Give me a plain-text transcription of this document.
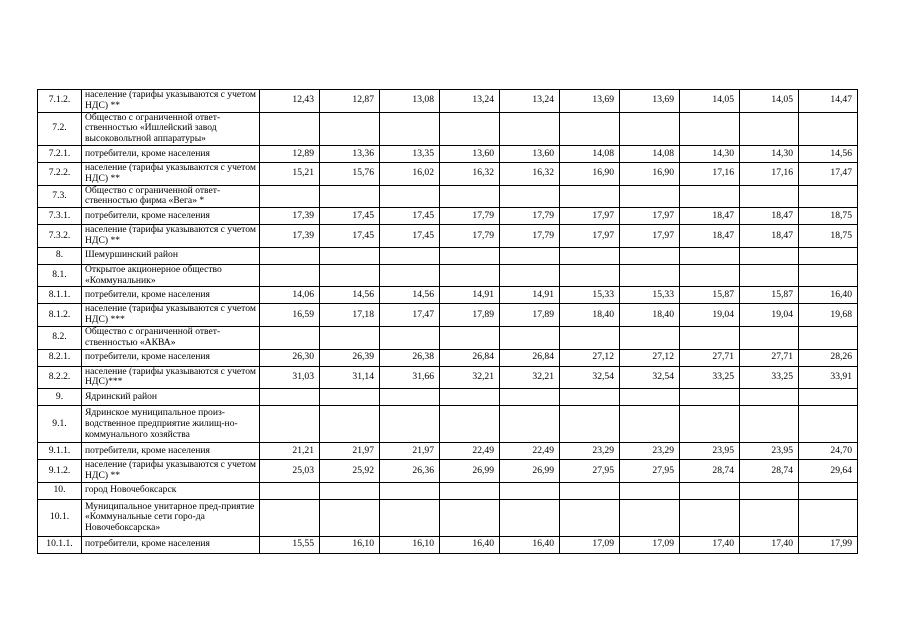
7.1.2.	население (тарифы указываются с учетом НДС) **	12,43	12,87	13,08	13,24	13,24	13,69	13,69	14,05	14,05	14,47
7.2.	Общество с ограниченной ответ-ственностью «Ишлейский завод высоковольтной аппаратуры»										
7.2.1.	потребители, кроме населения	12,89	13,36	13,35	13,60	13,60	14,08	14,08	14,30	14,30	14,56
7.2.2.	население (тарифы указываются с учетом НДС) **	15,21	15,76	16,02	16,32	16,32	16,90	16,90	17,16	17,16	17,47
7.3.	Общество с ограниченной ответ-ственностью фирма «Вега» *										
7.3.1.	потребители, кроме населения	17,39	17,45	17,45	17,79	17,79	17,97	17,97	18,47	18,47	18,75
7.3.2.	население (тарифы указываются с учетом НДС) **	17,39	17,45	17,45	17,79	17,79	17,97	17,97	18,47	18,47	18,75
8.	Шемуршинский район										
8.1.	Открытое акционерное общество «Коммунальник»										
8.1.1.	потребители, кроме населения	14,06	14,56	14,56	14,91	14,91	15,33	15,33	15,87	15,87	16,40
8.1.2.	население (тарифы указываются с учетом НДС) ***	16,59	17,18	17,47	17,89	17,89	18,40	18,40	19,04	19,04	19,68
8.2.	Общество с ограниченной ответ-ственностью «АКВА»										
8.2.1.	потребители, кроме населения	26,30	26,39	26,38	26,84	26,84	27,12	27,12	27,71	27,71	28,26
8.2.2.	население (тарифы указываются с учетом НДС)***	31,03	31,14	31,66	32,21	32,21	32,54	32,54	33,25	33,25	33,91
9.	Ядринский район										
9.1.	Ядринское муниципальное произ-водственное предприятие жилищ-но-коммунального хозяйства										
9.1.1.	потребители, кроме населения	21,21	21,97	21,97	22,49	22,49	23,29	23,29	23,95	23,95	24,70
9.1.2.	население (тарифы указываются с учетом НДС) **	25,03	25,92	26,36	26,99	26,99	27,95	27,95	28,74	28,74	29,64
10.	город Новочебоксарск										
10.1.	Муниципальное унитарное пред-приятие «Коммунальные сети горо-да Новочебоксарска»										
10.1.1.	потребители, кроме населения	15,55	16,10	16,10	16,40	16,40	17,09	17,09	17,40	17,40	17,99
